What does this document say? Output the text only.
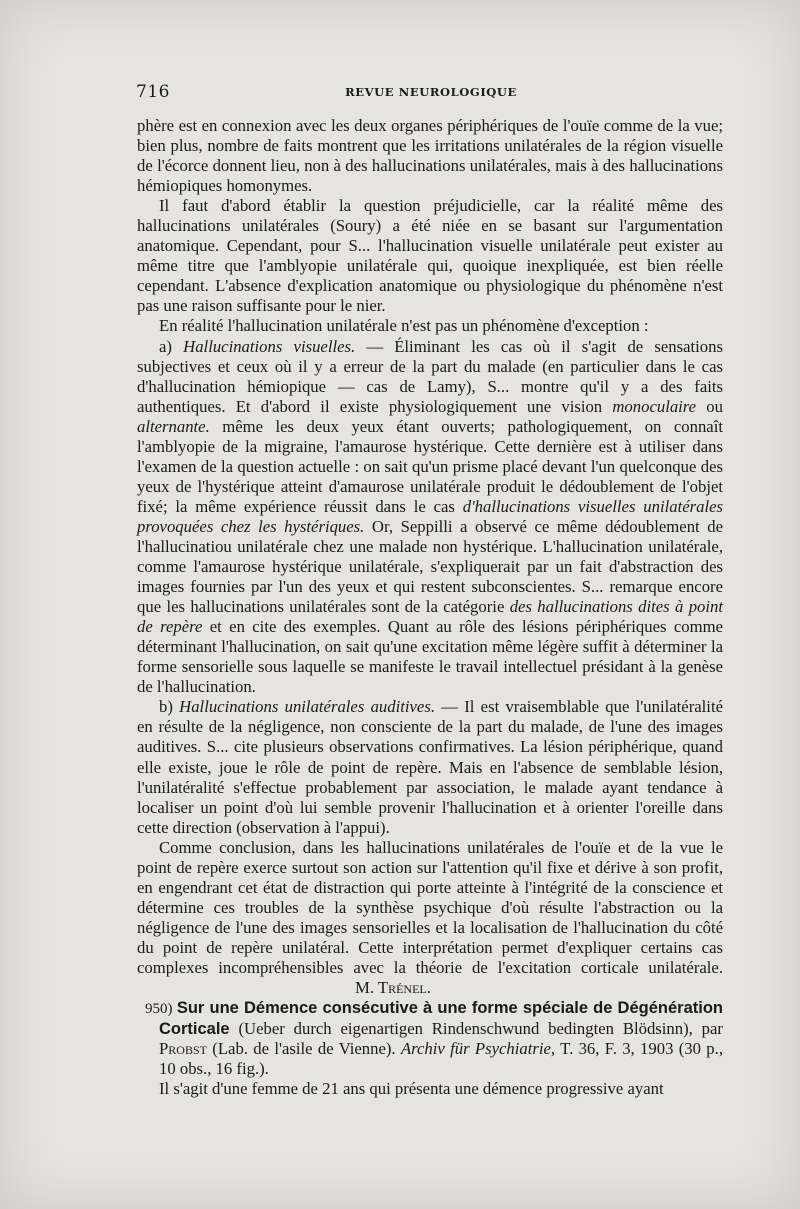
716	REVUE NEUROLOGIQUE

phère est en connexion avec les deux organes périphériques de l'ouïe comme de la vue; bien plus, nombre de faits montrent que les irritations unilatérales de la région visuelle de l'écorce donnent lieu, non à des hallucinations unilatérales, mais à des hallucinations hémiopiques homonymes.

Il faut d'abord établir la question préjudicielle, car la réalité même des hallucinations unilatérales (Soury) a été niée en se basant sur l'argumentation anatomique. Cependant, pour S... l'hallucination visuelle unilatérale peut exister au même titre que l'amblyopie unilatérale qui, quoique inexpliquée, est bien réelle cependant. L'absence d'explication anatomique ou physiologique du phénomène n'est pas une raison suffisante pour le nier.

En réalité l'hallucination unilatérale n'est pas un phénomène d'exception :

a) Hallucinations visuelles. — Éliminant les cas où il s'agit de sensations subjectives et ceux où il y a erreur de la part du malade (en particulier dans le cas d'hallucination hémiopique — cas de Lamy), S... montre qu'il y a des faits authentiques. Et d'abord il existe physiologiquement une vision monoculaire ou alternante. même les deux yeux étant ouverts; pathologiquement, on connaît l'amblyopie de la migraine, l'amaurose hystérique. Cette dernière est à utiliser dans l'examen de la question actuelle : on sait qu'un prisme placé devant l'un quelconque des yeux de l'hystérique atteint d'amaurose unilatérale produit le dédoublement de l'objet fixé; la même expérience réussit dans le cas d'hallucinations visuelles unilatérales provoquées chez les hystériques. Or, Seppilli a observé ce même dédoublement de l'hallucinatiou unilatérale chez une malade non hystérique. L'hallucination unilatérale, comme l'amaurose hystérique unilatérale, s'expliquerait par un fait d'abstraction des images fournies par l'un des yeux et qui restent subconscientes. S... remarque encore que les hallucinations unilatérales sont de la catégorie des hallucinations dites à point de repère et en cite des exemples. Quant au rôle des lésions périphériques comme déterminant l'hallucination, on sait qu'une excitation même légère suffit à déterminer la forme sensorielle sous laquelle se manifeste le travail intellectuel présidant à la genèse de l'hallucination.

b) Hallucinations unilatérales auditives. — Il est vraisemblable que l'unilatéralité en résulte de la négligence, non consciente de la part du malade, de l'une des images auditives. S... cite plusieurs observations confirmatives. La lésion périphérique, quand elle existe, joue le rôle de point de repère. Mais en l'absence de semblable lésion, l'unilatéralité s'effectue probablement par association, le malade ayant tendance à localiser un point d'où lui semble provenir l'hallucination et à orienter l'oreille dans cette direction (observation à l'appui).

Comme conclusion, dans les hallucinations unilatérales de l'ouïe et de la vue le point de repère exerce surtout son action sur l'attention qu'il fixe et dérive à son profit, en engendrant cet état de distraction qui porte atteinte à l'intégrité de la conscience et détermine ces troubles de la synthèse psychique d'où résulte l'abstraction ou la négligence de l'une des images sensorielles et la localisation de l'hallucination du côté du point de repère unilatéral. Cette interprétation permet d'expliquer certains cas complexes incompréhensibles avec la théorie de l'excitation corticale unilatérale.M. Trénel.

950) Sur une Démence consécutive à une forme spéciale de Dégénération Corticale (Ueber durch eigenartigen Rindenschwund bedingten Blödsinn), par Probst (Lab. de l'asile de Vienne). Archiv für Psychiatrie, T. 36, F. 3, 1903 (30 p., 10 obs., 16 fig.).

Il s'agit d'une femme de 21 ans qui présenta une démence progressive ayant
